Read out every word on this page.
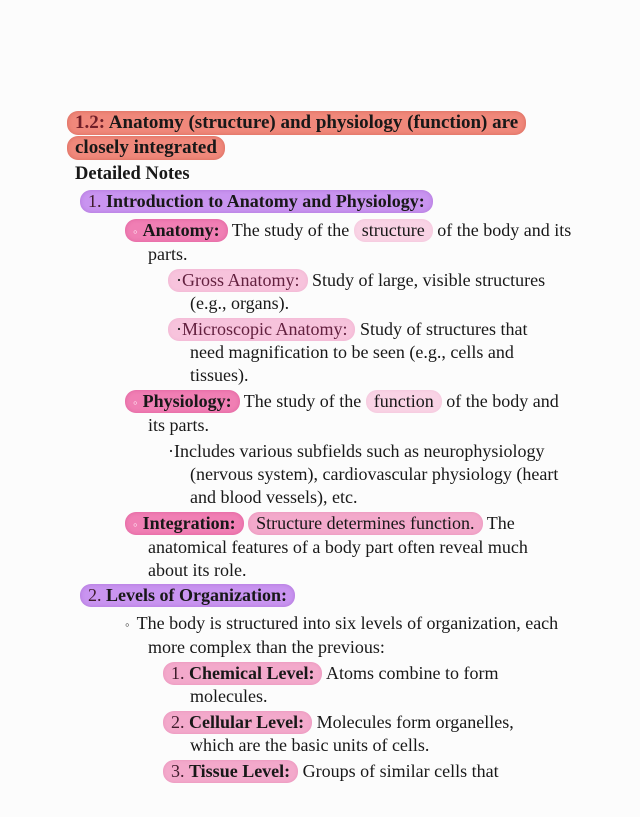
1.2: Anatomy (structure) and physiology (function) are
closely integrated
Detailed Notes
1. Introduction to Anatomy and Physiology:
◦ Anatomy: The study of the structure of the body and its parts.
·Gross Anatomy: Study of large, visible structures (e.g., organs).
·Microscopic Anatomy: Study of structures that need magnification to be seen (e.g., cells and tissues).
◦ Physiology: The study of the function of the body and its parts.
·Includes various subfields such as neurophysiology (nervous system), cardiovascular physiology (heart and blood vessels), etc.
◦ Integration: Structure determines function. The anatomical features of a body part often reveal much about its role.
2. Levels of Organization:
◦ The body is structured into six levels of organization, each more complex than the previous:
1. Chemical Level: Atoms combine to form molecules.
2. Cellular Level: Molecules form organelles, which are the basic units of cells.
3. Tissue Level: Groups of similar cells that
